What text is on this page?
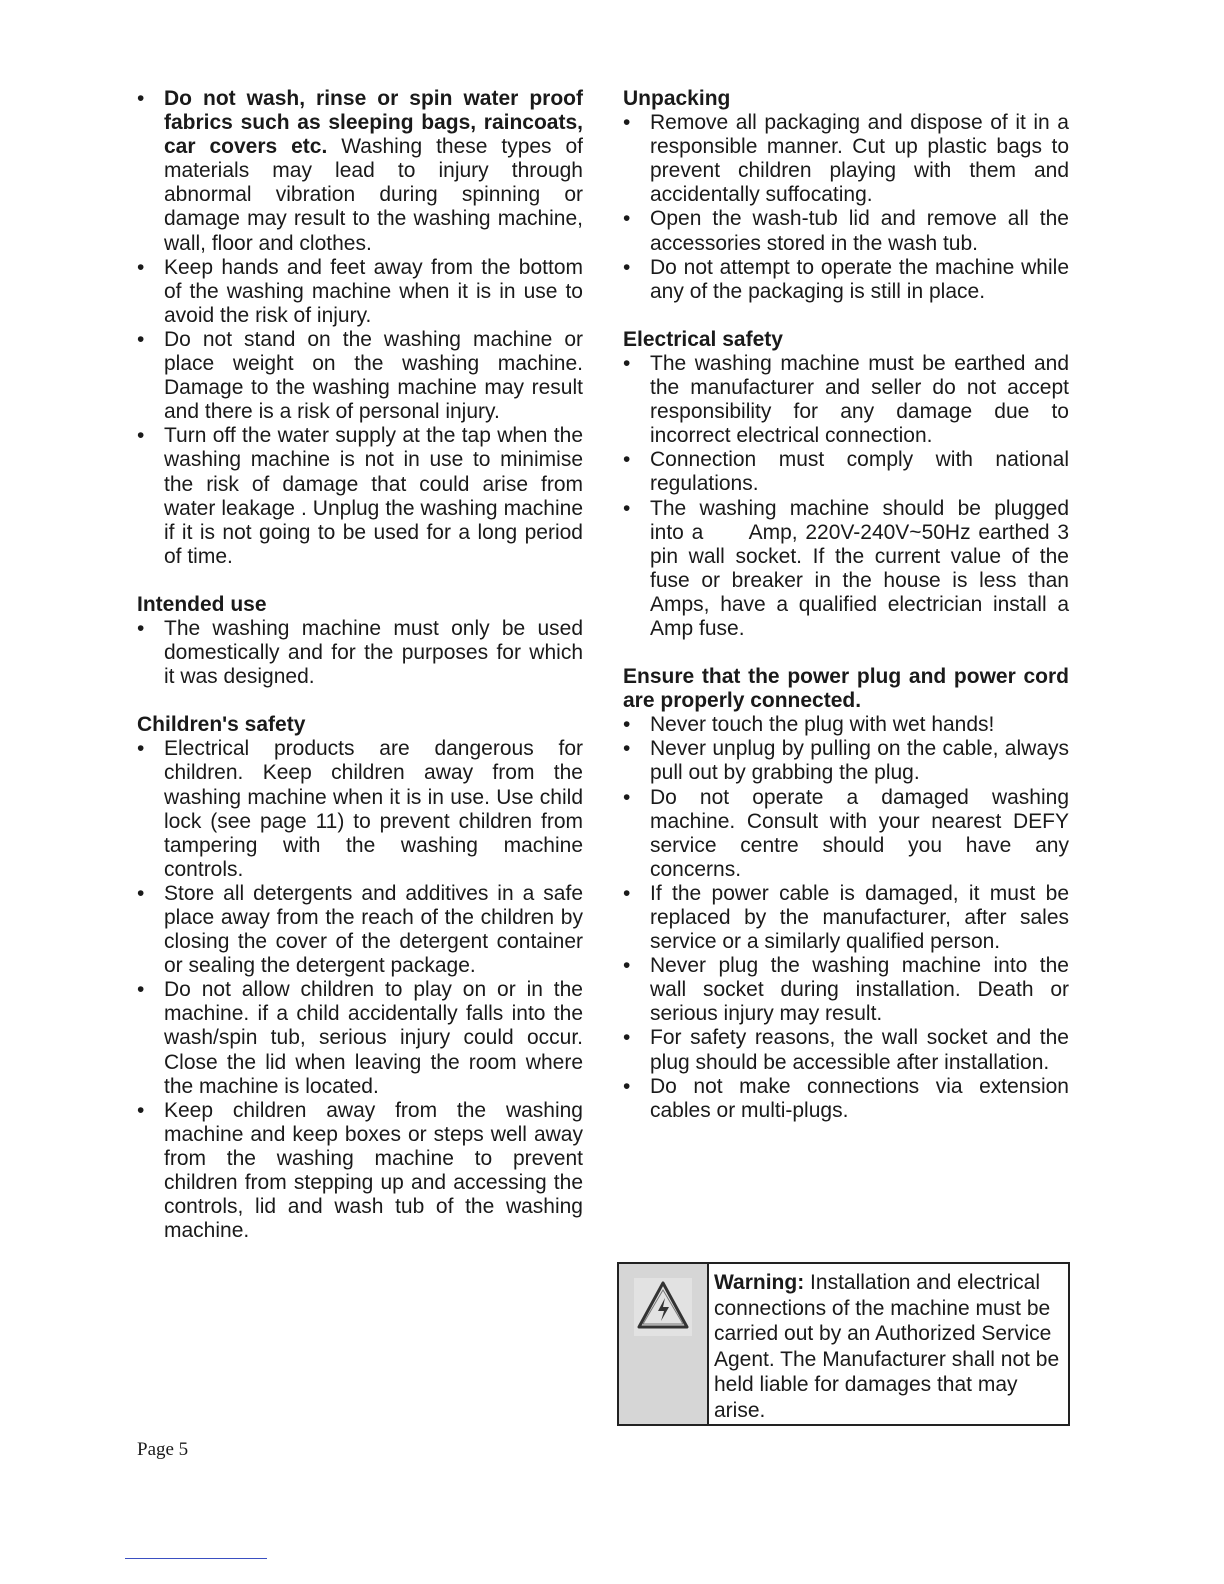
• Do not wash, rinse or spin water proof fabrics such as sleeping bags, raincoats, car covers etc. Washing these types of materials may lead to injury through abnormal vibration during spinning or damage may result to the washing machine, wall, floor and clothes.
• Keep hands and feet away from the bottom of the washing machine when it is in use to avoid the risk of injury.
• Do not stand on the washing machine or place weight on the washing machine. Damage to the washing machine may result and there is a risk of personal injury.
• Turn off the water supply at the tap when the washing machine is not in use to minimise the risk of damage that could arise from water leakage . Unplug the washing machine if it is not going to be used for a long period of time.
Intended use
• The washing machine must only be used domestically and for the purposes for which it was designed.
Children's safety
• Electrical products are dangerous for children. Keep children away from the washing machine when it is in use. Use child lock (see page 11) to prevent children from tampering with the washing machine controls.
• Store all detergents and additives in a safe place away from the reach of the children by closing the cover of the detergent container or sealing the detergent package.
• Do not allow children to play on or in the machine. if a child accidentally falls into the wash/spin tub, serious injury could occur. Close the lid when leaving the room where the machine is located.
• Keep children away from the washing machine and keep boxes or steps well away from the washing machine to prevent children from stepping up and accessing the controls, lid and wash tub of the washing machine.
Unpacking
• Remove all packaging and dispose of it in a responsible manner. Cut up plastic bags to prevent children playing with them and accidentally suffocating.
• Open the wash-tub lid and remove all the accessories stored in the wash tub.
• Do not attempt to operate the machine while any of the packaging is still in place.
Electrical safety
• The washing machine must be earthed and the manufacturer and seller do not accept responsibility for any damage due to incorrect electrical connection.
• Connection must comply with national regulations.
• The washing machine should be plugged into a      Amp, 220V-240V~50Hz earthed 3 pin wall socket. If the current value of the fuse or breaker in the house is less than      Amps, have a qualified electrician install a      Amp fuse.
Ensure that the power plug and power cord are properly connected.
• Never touch the plug with wet hands!
• Never unplug by pulling on the cable, always pull out by grabbing the plug.
• Do not operate a damaged washing machine. Consult with your nearest DEFY service centre should you have any concerns.
• If the power cable is damaged, it must be replaced by the manufacturer, after sales service or a similarly qualified person.
• Never plug the washing machine into the wall socket during installation. Death or serious injury may result.
• For safety reasons, the wall socket and the plug should be accessible after installation.
• Do not make connections via extension cables or multi-plugs.
Warning: Installation and electrical connections of the machine must be carried out by an Authorized Service Agent. The Manufacturer shall not be held liable for damages that may arise.
Page 5
